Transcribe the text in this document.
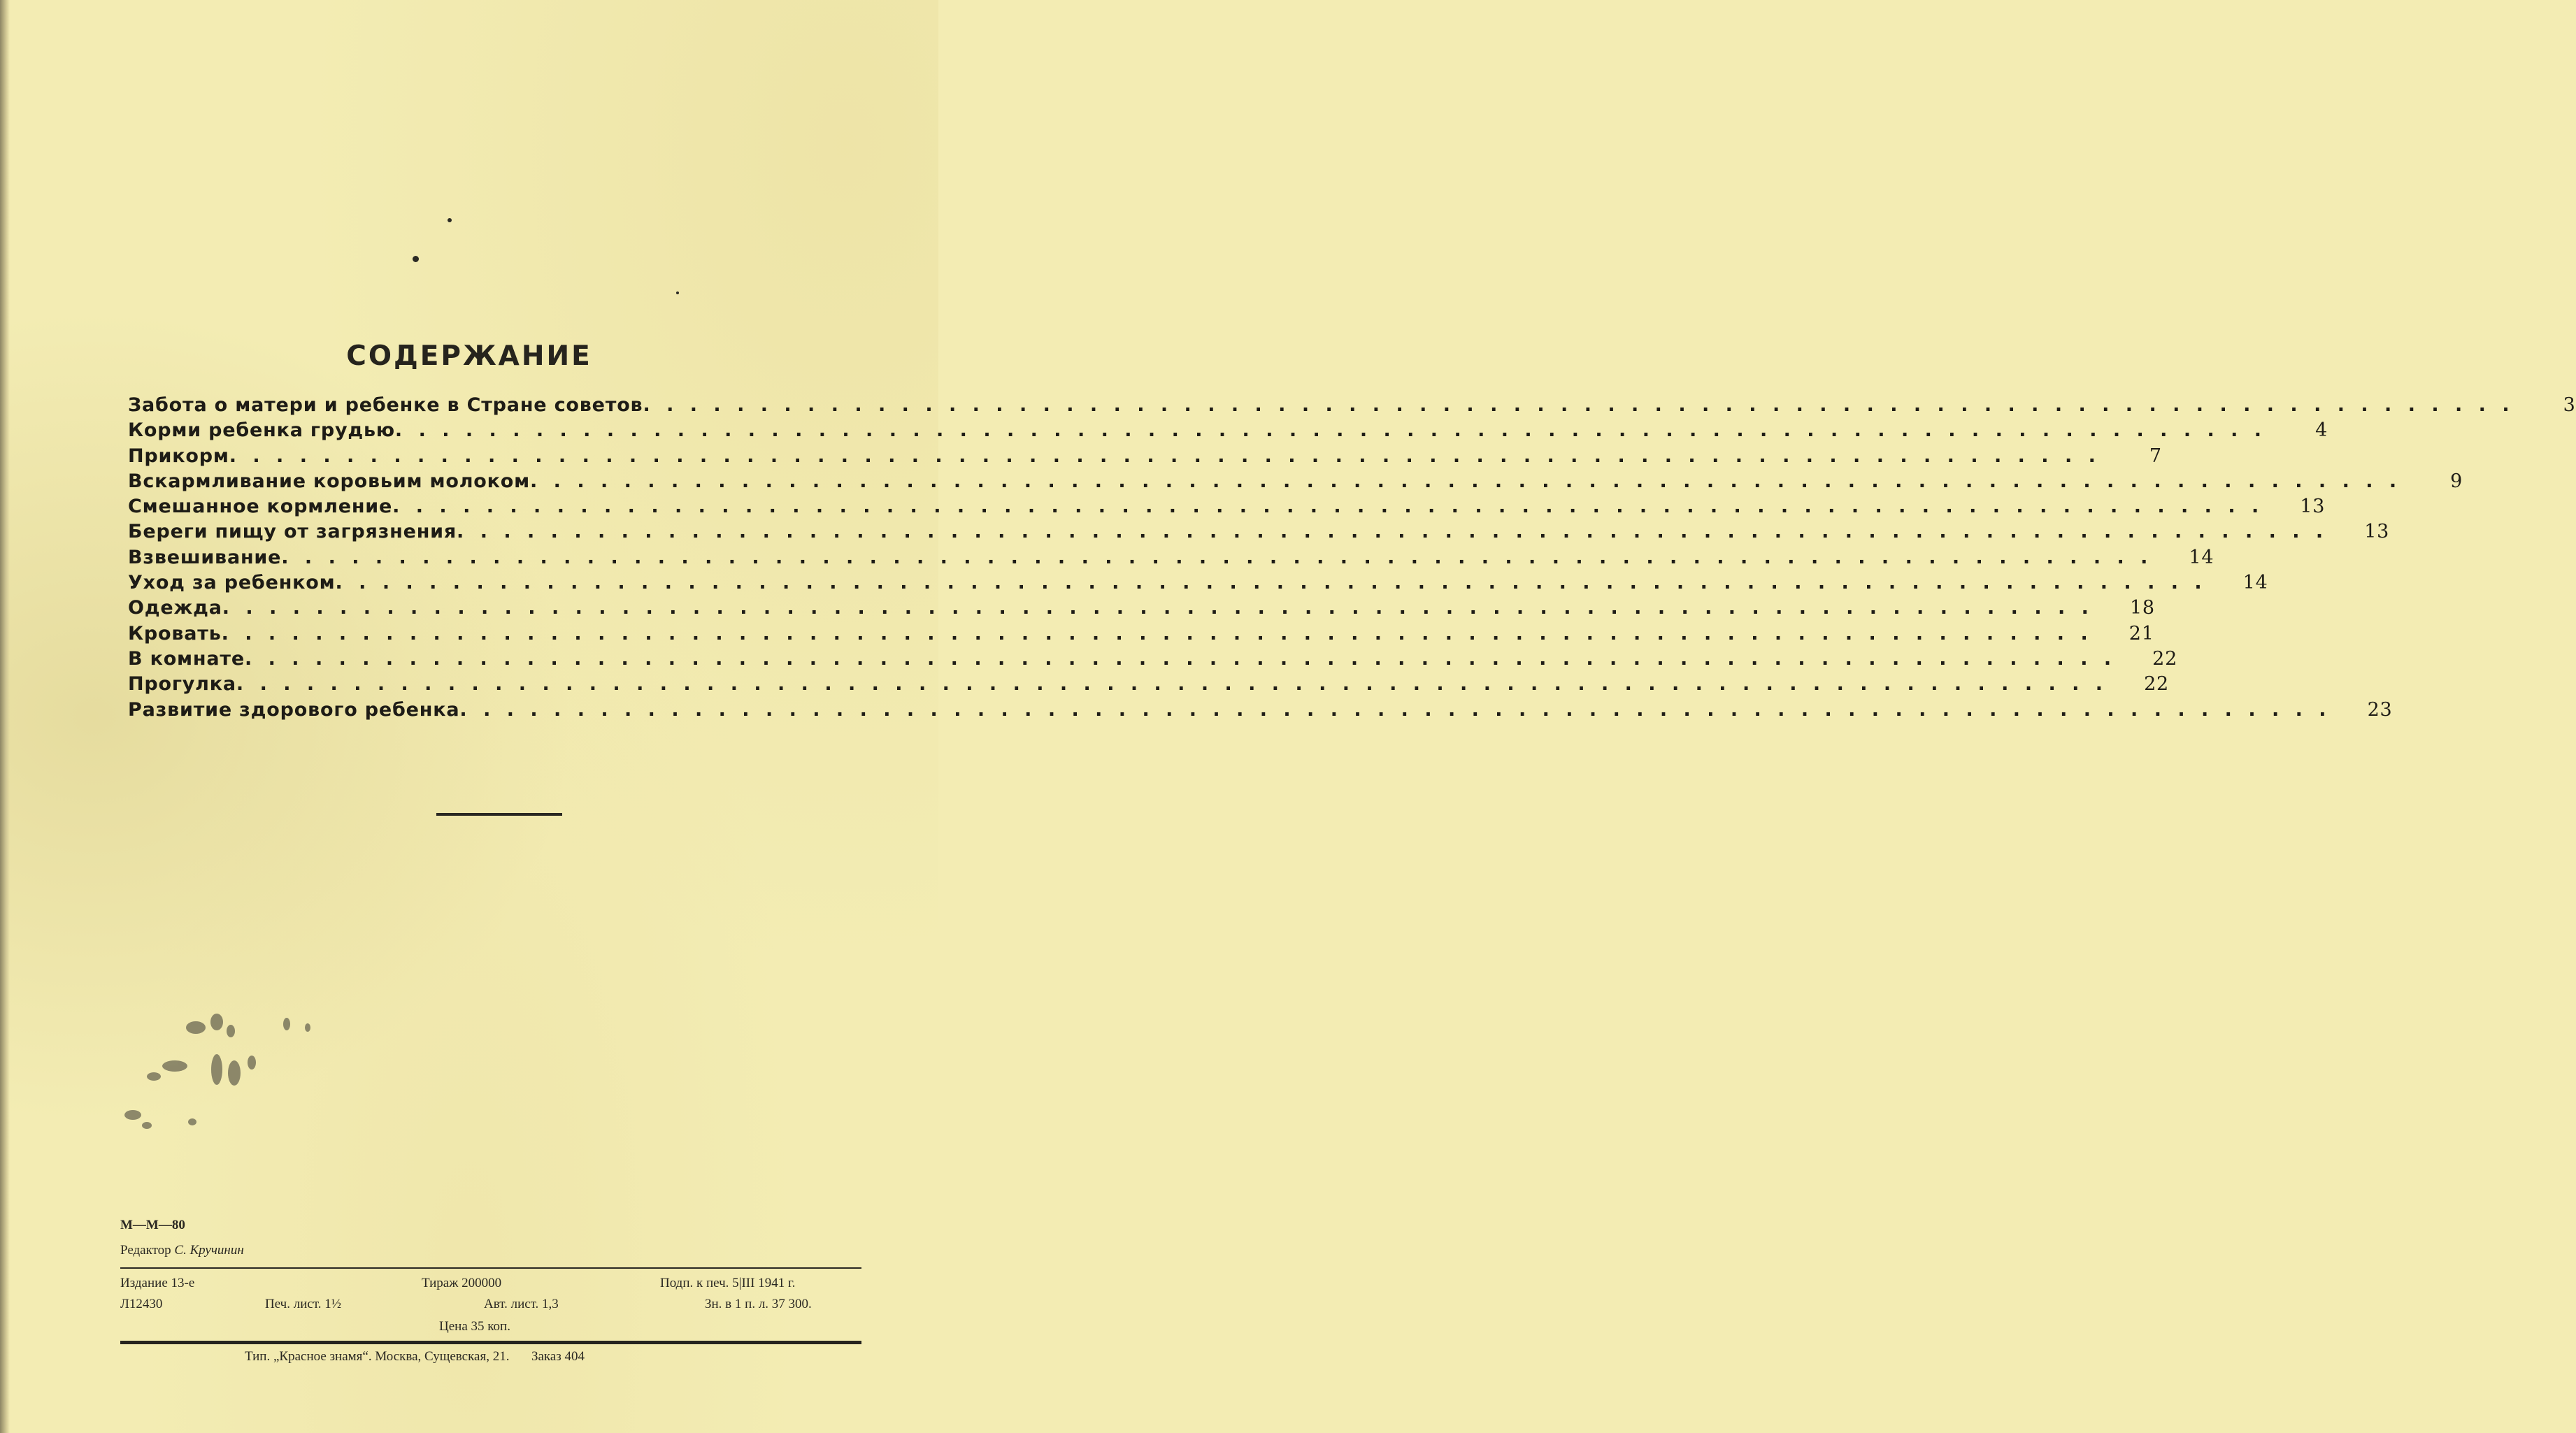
СОДЕРЖАНИЕ
Забота о матери и ребенке в Стране советов . . . . . . . . . . . . . . . . . . . . . . . . . . . . . . . . . . . . . . . . . . . . . . . . . . . . . . . . . . . . . . . . . . . . . . . . . . . . . . . .	3
Корми ребенка грудью . . . . . . . . . . . . . . . . . . . . . . . . . . . . . . . . . . . . . . . . . . . . . . . . . . . . . . . . . . . . . . . . . . . . . . . . . . . . . . . .	4
Прикорм . . . . . . . . . . . . . . . . . . . . . . . . . . . . . . . . . . . . . . . . . . . . . . . . . . . . . . . . . . . . . . . . . . . . . . . . . . . . . . . .	7
Вскармливание коровьим молоком . . . . . . . . . . . . . . . . . . . . . . . . . . . . . . . . . . . . . . . . . . . . . . . . . . . . . . . . . . . . . . . . . . . . . . . . . . . . . . . .	9
Смешанное кормление . . . . . . . . . . . . . . . . . . . . . . . . . . . . . . . . . . . . . . . . . . . . . . . . . . . . . . . . . . . . . . . . . . . . . . . . . . . . . . . . 13
Береги пищу от загрязнения . . . . . . . . . . . . . . . . . . . . . . . . . . . . . . . . . . . . . . . . . . . . . . . . . . . . . . . . . . . . . . . . . . . . . . . . . . . . . . . . 13
Взвешивание . . . . . . . . . . . . . . . . . . . . . . . . . . . . . . . . . . . . . . . . . . . . . . . . . . . . . . . . . . . . . . . . . . . . . . . . . . . . . . . . 14
Уход за ребенком . . . . . . . . . . . . . . . . . . . . . . . . . . . . . . . . . . . . . . . . . . . . . . . . . . . . . . . . . . . . . . . . . . . . . . . . . . . . . . . . 14
Одежда . . . . . . . . . . . . . . . . . . . . . . . . . . . . . . . . . . . . . . . . . . . . . . . . . . . . . . . . . . . . . . . . . . . . . . . . . . . . . . . . 18
Кровать . . . . . . . . . . . . . . . . . . . . . . . . . . . . . . . . . . . . . . . . . . . . . . . . . . . . . . . . . . . . . . . . . . . . . . . . . . . . . . . . 21
В комнате . . . . . . . . . . . . . . . . . . . . . . . . . . . . . . . . . . . . . . . . . . . . . . . . . . . . . . . . . . . . . . . . . . . . . . . . . . . . . . . . 22
Прогулка . . . . . . . . . . . . . . . . . . . . . . . . . . . . . . . . . . . . . . . . . . . . . . . . . . . . . . . . . . . . . . . . . . . . . . . . . . . . . . . . 22
Развитие здорового ребенка . . . . . . . . . . . . . . . . . . . . . . . . . . . . . . . . . . . . . . . . . . . . . . . . . . . . . . . . . . . . . . . . . . . . . . . . . . . . . . . . 23
М—М—80
Редактор С. Кручинин
Издание 13-е	Тираж 200000	Подп. к печ. 5|III 1941 г.
Л12430	Печ. лист. 1½	Авт. лист. 1,3	Зн. в 1 п. л. 37 300.
Цена 35 коп.
Тип. „Красное знамя“. Москва, Сущевская, 21. Заказ 404
